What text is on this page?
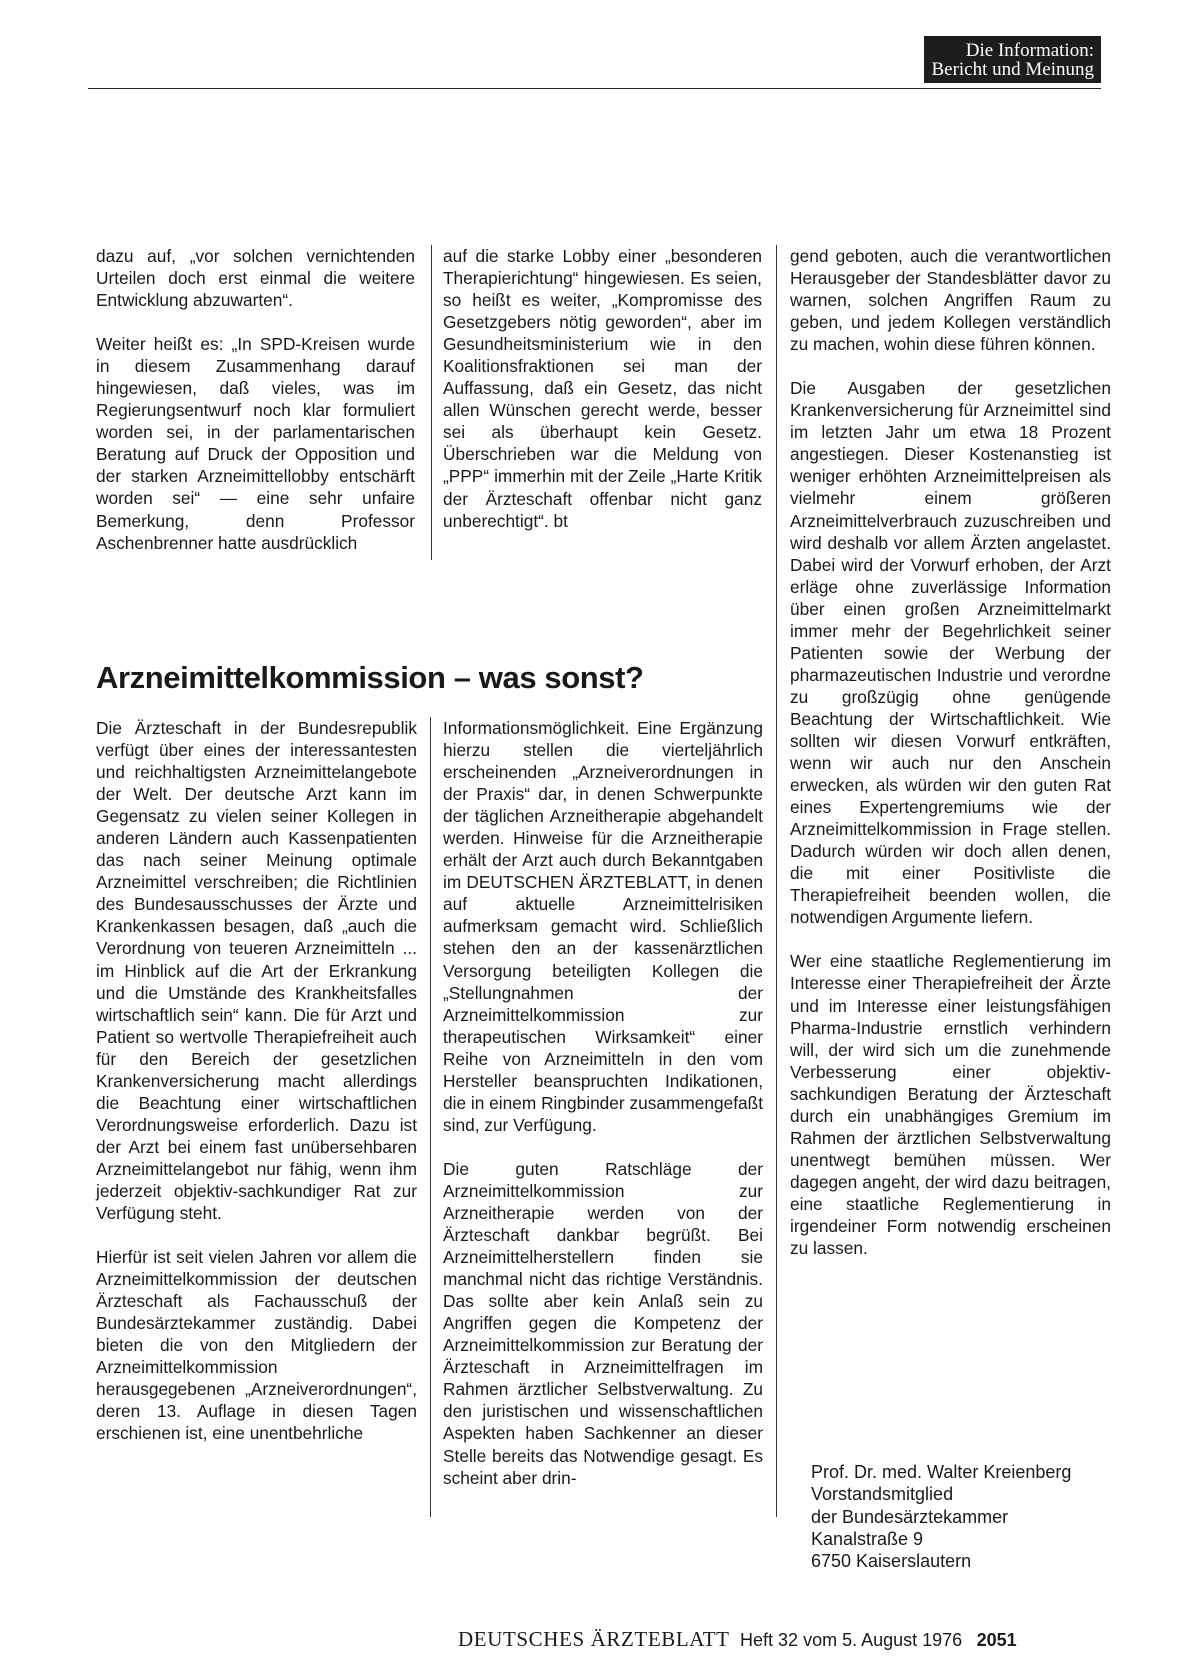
Die Information:
Bericht und Meinung

dazu auf, „vor solchen vernichtenden Urteilen doch erst einmal die weitere Entwicklung abzuwarten“.

Weiter heißt es: „In SPD-Kreisen wurde in diesem Zusammenhang darauf hingewiesen, daß vieles, was im Regierungsentwurf noch klar formuliert worden sei, in der parlamentarischen Beratung auf Druck der Opposition und der starken Arzneimittellobby entschärft worden sei“ — eine sehr unfaire Bemerkung, denn Professor Aschenbrenner hatte ausdrücklich

auf die starke Lobby einer „besonderen Therapierichtung“ hingewiesen. Es seien, so heißt es weiter, „Kompromisse des Gesetzgebers nötig geworden“, aber im Gesundheitsministerium wie in den Koalitionsfraktionen sei man der Auffassung, daß ein Gesetz, das nicht allen Wünschen gerecht werde, besser sei als überhaupt kein Gesetz. Überschrieben war die Meldung von „PPP“ immerhin mit der Zeile „Harte Kritik der Ärzteschaft offenbar nicht ganz unberechtigt“. bt

Arzneimittelkommission – was sonst?

Die Ärzteschaft in der Bundesrepublik verfügt über eines der interessantesten und reichhaltigsten Arzneimittelangebote der Welt. Der deutsche Arzt kann im Gegensatz zu vielen seiner Kollegen in anderen Ländern auch Kassenpatienten das nach seiner Meinung optimale Arzneimittel verschreiben; die Richtlinien des Bundesausschusses der Ärzte und Krankenkassen besagen, daß „auch die Verordnung von teueren Arzneimitteln ... im Hinblick auf die Art der Erkrankung und die Umstände des Krankheitsfalles wirtschaftlich sein“ kann. Die für Arzt und Patient so wertvolle Therapiefreiheit auch für den Bereich der gesetzlichen Krankenversicherung macht allerdings die Beachtung einer wirtschaftlichen Verordnungsweise erforderlich. Dazu ist der Arzt bei einem fast unübersehbaren Arzneimittelangebot nur fähig, wenn ihm jederzeit objektiv-sachkundiger Rat zur Verfügung steht.

Hierfür ist seit vielen Jahren vor allem die Arzneimittelkommission der deutschen Ärzteschaft als Fachausschuß der Bundesärztekammer zuständig. Dabei bieten die von den Mitgliedern der Arzneimittelkommission herausgegebenen „Arzneiverordnungen“, deren 13. Auflage in diesen Tagen erschienen ist, eine unentbehrliche

Informationsmöglichkeit. Eine Ergänzung hierzu stellen die vierteljährlich erscheinenden „Arzneiverordnungen in der Praxis“ dar, in denen Schwerpunkte der täglichen Arzneitherapie abgehandelt werden. Hinweise für die Arzneitherapie erhält der Arzt auch durch Bekanntgaben im DEUTSCHEN ÄRZTEBLATT, in denen auf aktuelle Arzneimittelrisiken aufmerksam gemacht wird. Schließlich stehen den an der kassenärztlichen Versorgung beteiligten Kollegen die „Stellungnahmen der Arzneimittelkommission zur therapeutischen Wirksamkeit“ einer Reihe von Arzneimitteln in den vom Hersteller beanspruchten Indikationen, die in einem Ringbinder zusammengefaßt sind, zur Verfügung.

Die guten Ratschläge der Arzneimittelkommission zur Arzneitherapie werden von der Ärzteschaft dankbar begrüßt. Bei Arzneimittelherstellern finden sie manchmal nicht das richtige Verständnis. Das sollte aber kein Anlaß sein zu Angriffen gegen die Kompetenz der Arzneimittelkommission zur Beratung der Ärzteschaft in Arzneimittelfragen im Rahmen ärztlicher Selbstverwaltung. Zu den juristischen und wissenschaftlichen Aspekten haben Sachkenner an dieser Stelle bereits das Notwendige gesagt. Es scheint aber drin-

gend geboten, auch die verantwortlichen Herausgeber der Standesblätter davor zu warnen, solchen Angriffen Raum zu geben, und jedem Kollegen verständlich zu machen, wohin diese führen können.

Die Ausgaben der gesetzlichen Krankenversicherung für Arzneimittel sind im letzten Jahr um etwa 18 Prozent angestiegen. Dieser Kostenanstieg ist weniger erhöhten Arzneimittelpreisen als vielmehr einem größeren Arzneimittelverbrauch zuzuschreiben und wird deshalb vor allem Ärzten angelastet. Dabei wird der Vorwurf erhoben, der Arzt erläge ohne zuverlässige Information über einen großen Arzneimittelmarkt immer mehr der Begehrlichkeit seiner Patienten sowie der Werbung der pharmazeutischen Industrie und verordne zu großzügig ohne genügende Beachtung der Wirtschaftlichkeit. Wie sollten wir diesen Vorwurf entkräften, wenn wir auch nur den Anschein erwecken, als würden wir den guten Rat eines Expertengremiums wie der Arzneimittelkommission in Frage stellen. Dadurch würden wir doch allen denen, die mit einer Positivliste die Therapiefreiheit beenden wollen, die notwendigen Argumente liefern.

Wer eine staatliche Reglementierung im Interesse einer Therapiefreiheit der Ärzte und im Interesse einer leistungsfähigen Pharma-Industrie ernstlich verhindern will, der wird sich um die zunehmende Verbesserung einer objektiv-sachkundigen Beratung der Ärzteschaft durch ein unabhängiges Gremium im Rahmen der ärztlichen Selbstverwaltung unentwegt bemühen müssen. Wer dagegen angeht, der wird dazu beitragen, eine staatliche Reglementierung in irgendeiner Form notwendig erscheinen zu lassen.

Prof. Dr. med. Walter Kreienberg
Vorstandsmitglied
der Bundesärztekammer
Kanalstraße 9
6750 Kaiserslautern
DEUTSCHES ÄRZTEBLATT Heft 32 vom 5. August 1976 2051
